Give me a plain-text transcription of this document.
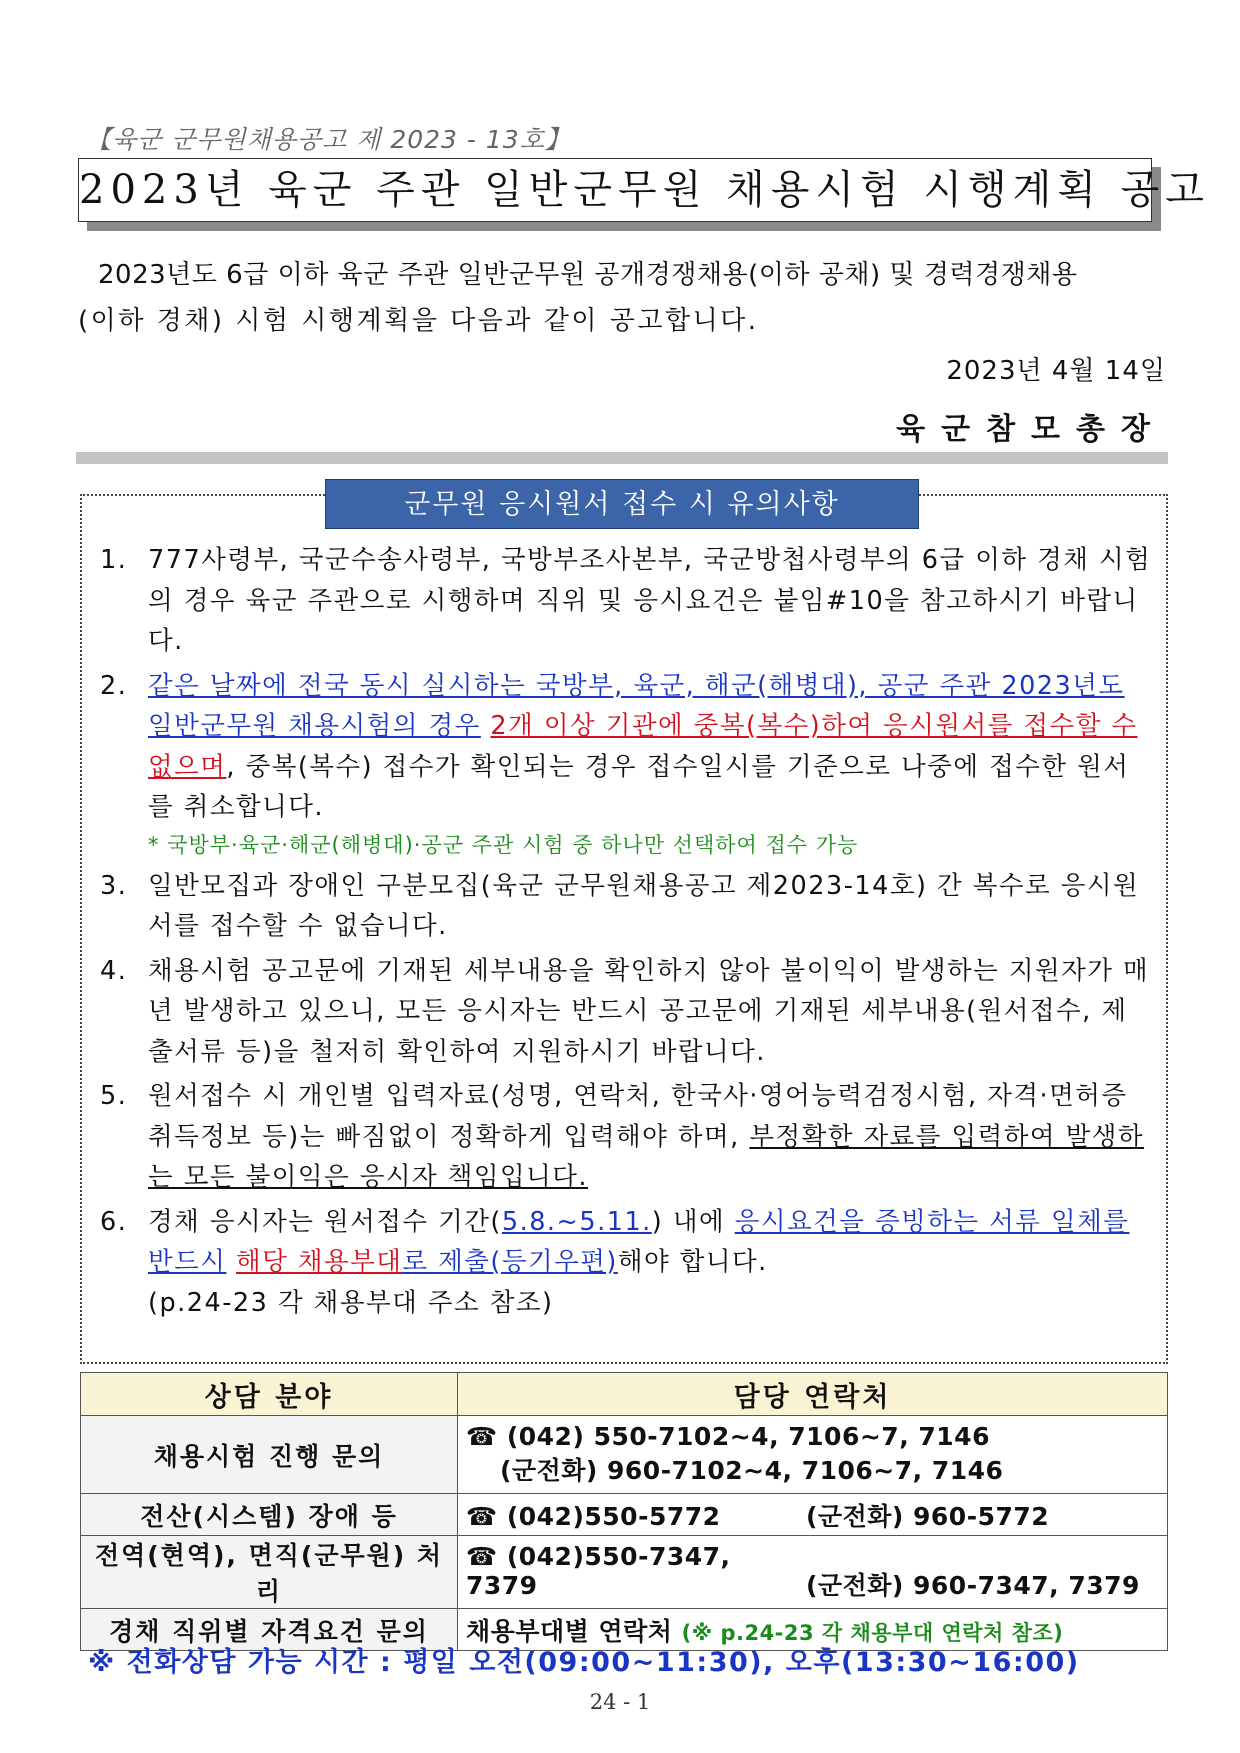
【육군 군무원채용공고 제 2023 - 13호】
2023년 육군 주관 일반군무원 채용시험 시행계획 공고

2023년도 6급 이하 육군 주관 일반군무원 공개경쟁채용(이하 공채) 및 경력경쟁채용

(이하 경채) 시험 시행계획을 다음과 같이 공고합니다.

2023년 4월 14일
육군참모총장
군무원 응시원서 접수 시 유의사항
1. 777사령부, 국군수송사령부, 국방부조사본부, 국군방첩사령부의 6급 이하 경채 시험의 경우 육군 주관으로 시행하며 직위 및 응시요건은 붙임#10을 참고하시기 바랍니다.
2. 같은 날짜에 전국 동시 실시하는 국방부, 육군, 해군(해병대), 공군 주관 2023년도 일반군무원 채용시험의 경우 2개 이상 기관에 중복(복수)하여 응시원서를 접수할 수 없으며, 중복(복수) 접수가 확인되는 경우 접수일시를 기준으로 나중에 접수한 원서를 취소합니다.
* 국방부·육군·해군(해병대)·공군 주관 시험 중 하나만 선택하여 접수 가능
3. 일반모집과 장애인 구분모집(육군 군무원채용공고 제2023-14호) 간 복수로 응시원서를 접수할 수 없습니다.
4. 채용시험 공고문에 기재된 세부내용을 확인하지 않아 불이익이 발생하는 지원자가 매년 발생하고 있으니, 모든 응시자는 반드시 공고문에 기재된 세부내용(원서접수, 제출서류 등)을 철저히 확인하여 지원하시기 바랍니다.
5. 원서접수 시 개인별 입력자료(성명, 연락처, 한국사·영어능력검정시험, 자격·면허증 취득정보 등)는 빠짐없이 정확하게 입력해야 하며, 부정확한 자료를 입력하여 발생하는 모든 불이익은 응시자 책임입니다.
6. 경채 응시자는 원서접수 기간(5.8.~5.11.) 내에 응시요건을 증빙하는 서류 일체를 반드시 해당 채용부대로 제출(등기우편)해야 합니다.
(p.24-23 각 채용부대 주소 참조)
상담 분야	담당 연락처
채용시험 진행 문의	☎ (042) 550-7102~4, 7106~7, 7146
(군전화) 960-7102~4, 7106~7, 7146

전산(시스템) 장애 등	☎ (042)550-5772 (군전화) 960-5772
전역(현역), 면직(군무원) 처리	☎ (042)550-7347, 7379 (군전화) 960-7347, 7379
경채 직위별 자격요건 문의	채용부대별 연락처 (※ p.24-23 각 채용부대 연락처 참조)
※ 전화상담 가능 시간 : 평일 오전(09:00~11:30), 오후(13:30~16:00)
24 - 1
